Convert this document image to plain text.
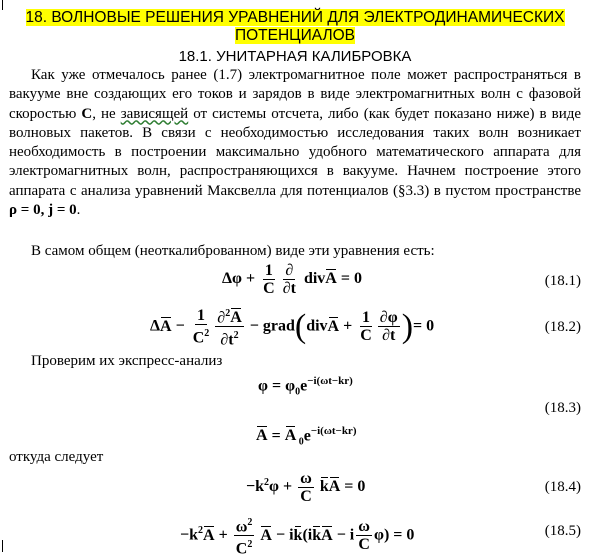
18. ВОЛНОВЫЕ РЕШЕНИЯ УРАВНЕНИЙ ДЛЯ ЭЛЕКТРОДИНАМИЧЕСКИХ ПОТЕНЦИАЛОВ
18.1. УНИТАРНАЯ КАЛИБРОВКА
Как уже отмечалось ранее (1.7) электромагнитное поле может распространяться в вакууме вне создающих его токов и зарядов в виде электромагнитных волн с фазовой скоростью C, не зависящей от системы отсчета, либо (как будет показано ниже) в виде волновых пакетов. В связи с необходимостью исследования таких волн возникает необходимость в построении максимально удобного математического аппарата для электромагнитных волн, распространяющихся в вакууме. Начнем построение этого аппарата с анализа уравнений Максвелла для потенциалов (§3.3) в пустом пространстве ρ = 0, j = 0.
В самом общем (неоткалиброванном) виде эти уравнения есть:
$\Delta\varphi + \frac{1}{C} \frac{\partial}{\partial t}$ divA = 0	(18.1)
$\Delta A - \frac{1}{C^2} \frac{\partial^2A}{\partial t^2}$ − grad(divA + $\frac{1}{C} \frac{\partial\varphi}{\partial t}$ )= 0	(18.2)
Проверим их экспресс-анализ
$\varphi = \varphi_0e^{-i(\omega t-kr)}$
A = A $_0e^{-i(\omega t-kr)}$
(18.3)
откуда следует
$-k^2\varphi + \frac{\omega}{C}$ kA = 0	(18.4)
$-k^2A + \frac{\omega^2}{C^2}$ A − ik(ikA − i $\frac{\omega}{C} \varphi) = 0$	(18.5)
